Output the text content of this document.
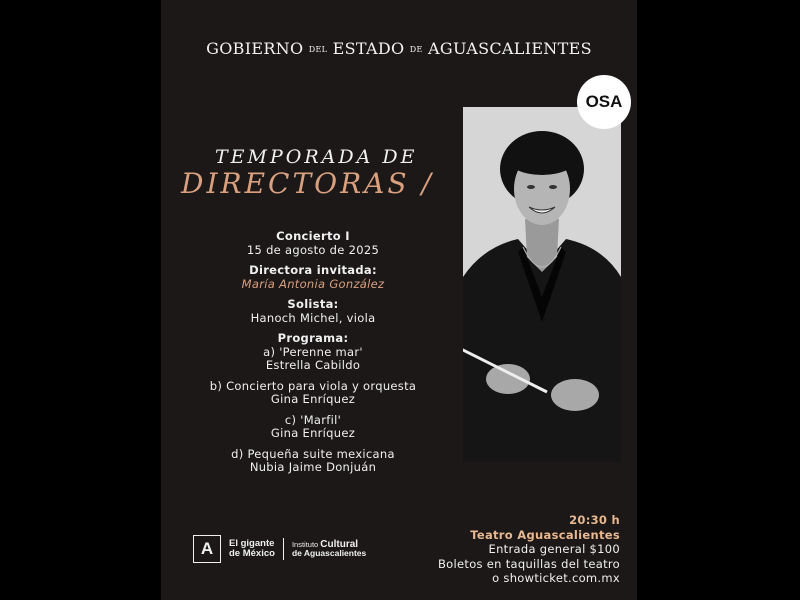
GOBIERNO DEL ESTADO DE AGUASCALIENTES
OSA
TEMPORADA DE
DIRECTORAS /
Concierto I
15 de agosto de 2025
Directora invitada:
María Antonia González
Solista:
Hanoch Michel, viola
Programa:
a) 'Perenne mar'
Estrella Cabildo
b) Concierto para viola y orquesta
Gina Enríquez
c) 'Marfil'
Gina Enríquez
d) Pequeña suite mexicana
Nubia Jaime Donjuán
A	El gigante
de México
Instituto Cultural
de Aguascalientes
20:30 h
Teatro Aguascalientes
Entrada general $100
Boletos en taquillas del teatro
o showticket.com.mx
